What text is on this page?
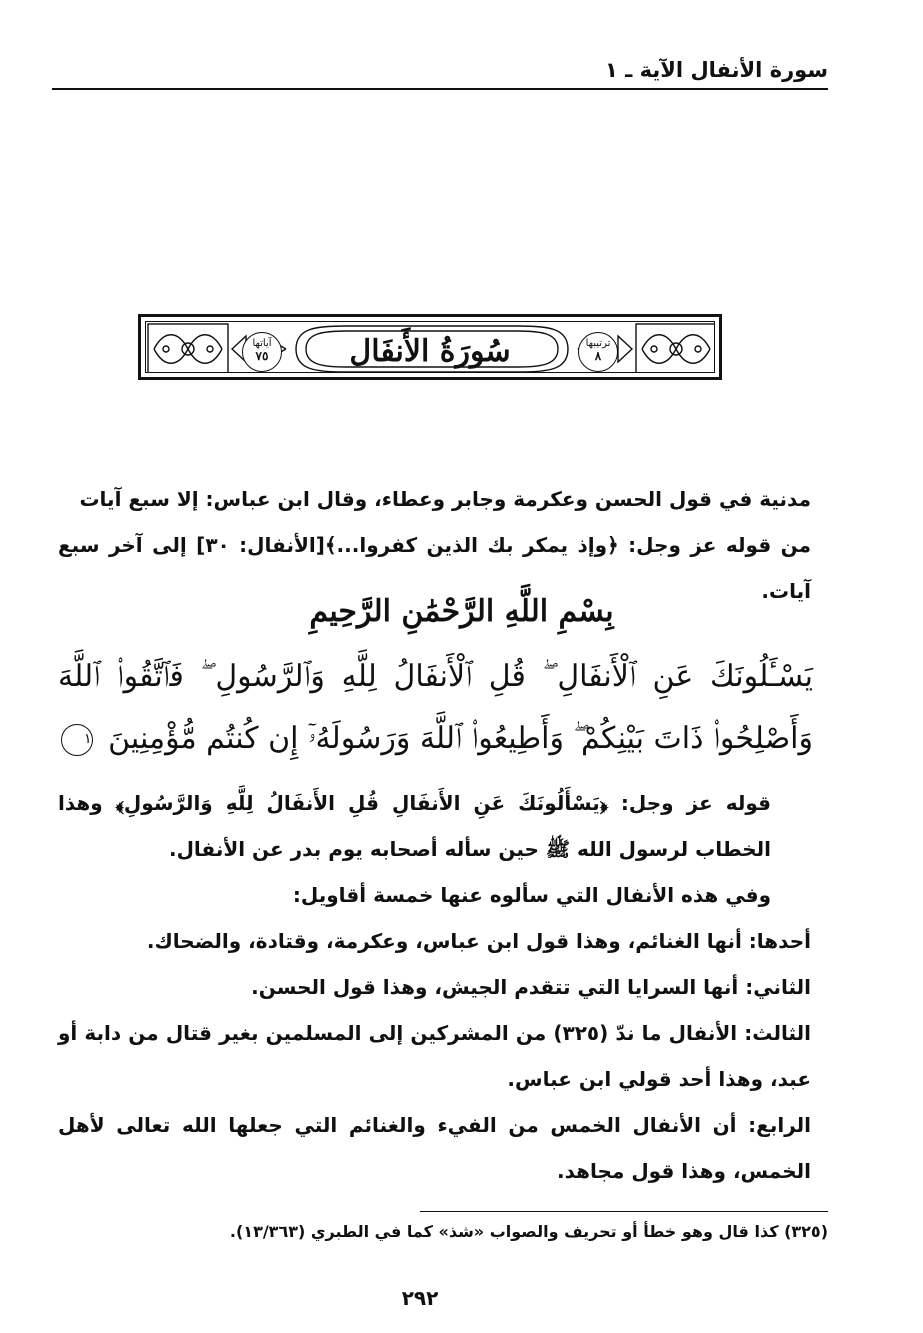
سورة الأنفال الآية ـ ١
ترتيبها
٨
سُورَةُ الأَنفَال
آياتها
٧٥

مدنية في قول الحسن وعكرمة وجابر وعطاء، وقال ابن عباس: إلا سبع آيات

من قوله عز وجل: ﴿وإذ يمكر بك الذين كفروا...﴾[الأنفال: ٣٠] إلى آخر سبع آيات.

بِسْمِ اللَّهِ الرَّحْمَٰنِ الرَّحِيمِ
يَسْـَٔلُونَكَ عَنِ ٱلْأَنفَالِ ۖ قُلِ ٱلْأَنفَالُ لِلَّهِ وَٱلرَّسُولِ ۖ فَٱتَّقُوا۟ ٱللَّهَ وَأَصْلِحُوا۟ ذَاتَ بَيْنِكُمْ ۖ وَأَطِيعُوا۟ ٱللَّهَ وَرَسُولَهُۥٓ إِن كُنتُم مُّؤْمِنِينَ ١

قوله عز وجل: ﴿يَسْأَلُونَكَ عَنِ الأَنفَالِ قُلِ الأَنفَالُ لِلَّهِ وَالرَّسُولِ﴾ وهذا الخطاب لرسول الله ﷺ حين سأله أصحابه يوم بدر عن الأنفال.

وفي هذه الأنفال التي سألوه عنها خمسة أقاويل:

أحدها: أنها الغنائم، وهذا قول ابن عباس، وعكرمة، وقتادة، والضحاك.

الثاني: أنها السرايا التي تتقدم الجيش، وهذا قول الحسن.

الثالث: الأنفال ما ندّ (٣٢٥) من المشركين إلى المسلمين بغير قتال من دابة أو عبد، وهذا أحد قولي ابن عباس.

الرابع: أن الأنفال الخمس من الفيء والغنائم التي جعلها الله تعالى لأهل الخمس، وهذا قول مجاهد.

(٣٢٥) كذا قال وهو خطأ أو تحريف والصواب «شذ» كما في الطبري (١٣/٣٦٣).
٢٩٢
